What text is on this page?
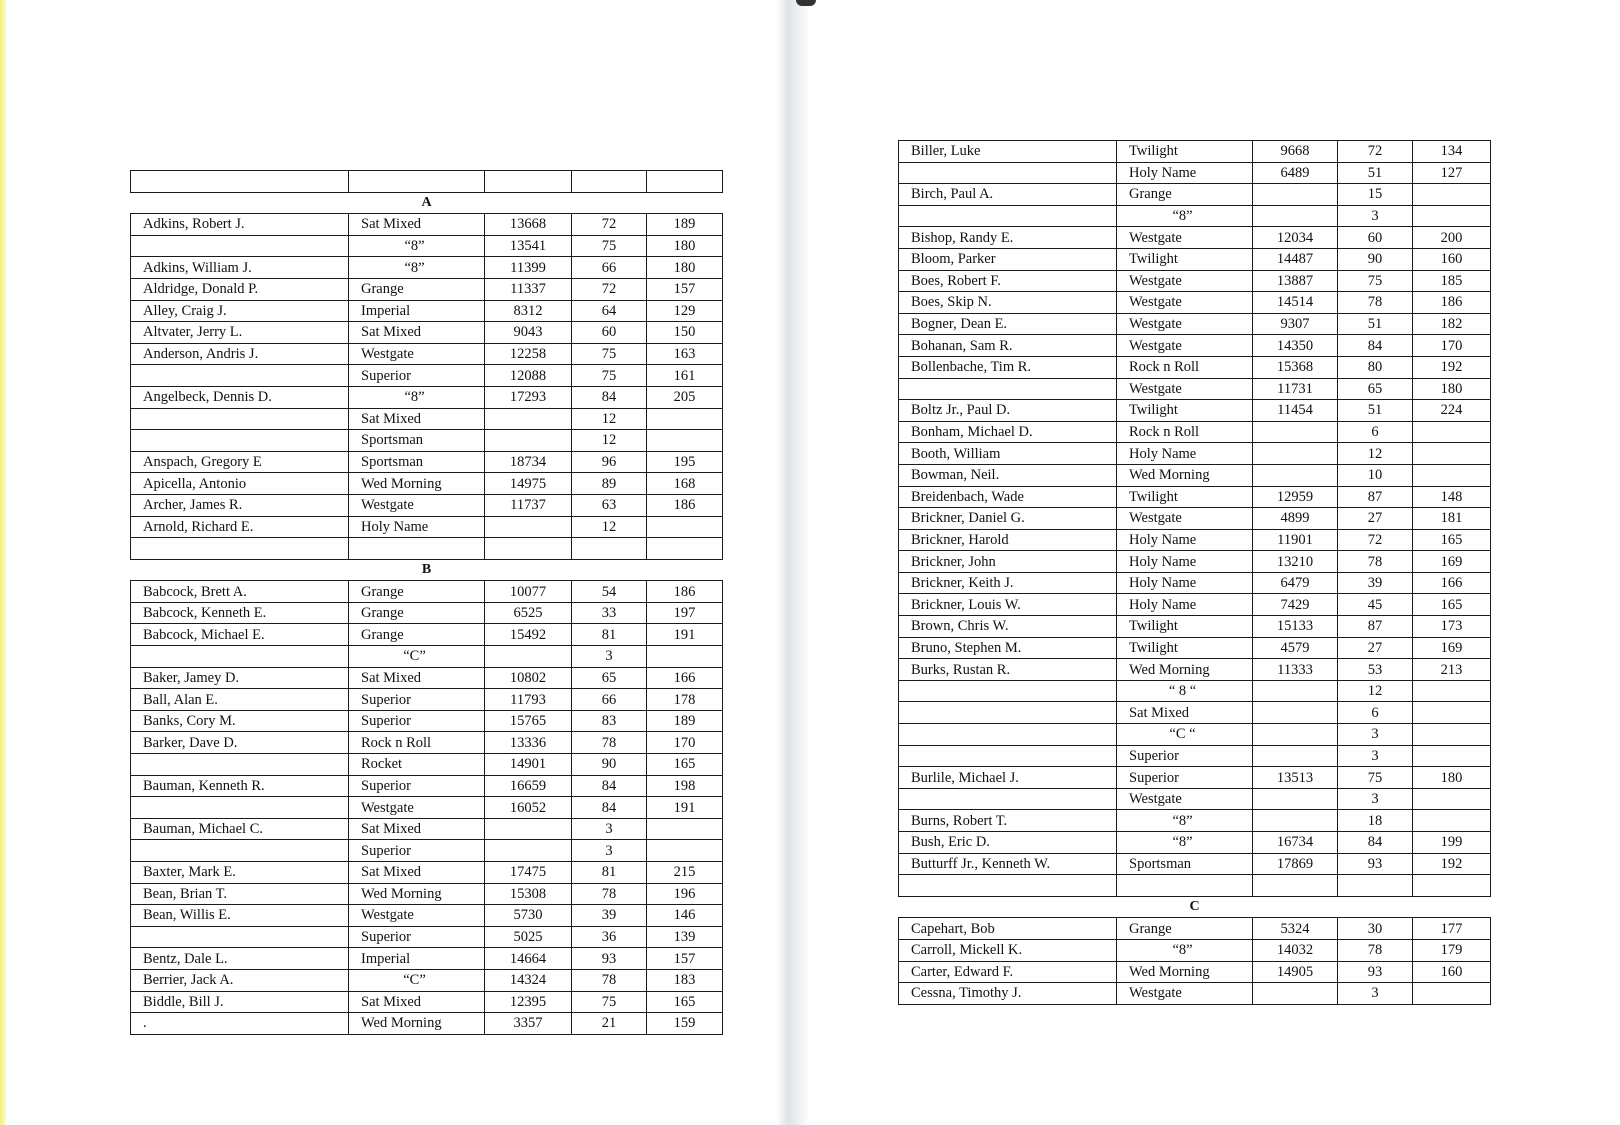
A				
Adkins, Robert J.	Sat Mixed	13668	72	189
	“8”	13541	75	180
Adkins, William J.	“8”	11399	66	180
Aldridge, Donald P.	Grange	11337	72	157
Alley, Craig J.	Imperial	8312	64	129
Altvater, Jerry L.	Sat Mixed	9043	60	150
Anderson, Andris J.	Westgate	12258	75	163
	Superior	12088	75	161
Angelbeck, Dennis D.	“8”	17293	84	205
	Sat Mixed		12	
	Sportsman		12	
Anspach, Gregory E	Sportsman	18734	96	195
Apicella, Antonio	Wed Morning	14975	89	168
Archer, James R.	Westgate	11737	63	186
Arnold, Richard E.	Holy Name		12	

B				
Babcock, Brett A.	Grange	10077	54	186
Babcock, Kenneth E.	Grange	6525	33	197
Babcock, Michael E.	Grange	15492	81	191
	“C”		3	
Baker, Jamey D.	Sat Mixed	10802	65	166
Ball, Alan E.	Superior	11793	66	178
Banks, Cory M.	Superior	15765	83	189
Barker, Dave D.	Rock n Roll	13336	78	170
	Rocket	14901	90	165
Bauman, Kenneth R.	Superior	16659	84	198
	Westgate	16052	84	191
Bauman, Michael C.	Sat Mixed		3	
	Superior		3	
Baxter, Mark E.	Sat Mixed	17475	81	215
Bean, Brian T.	Wed Morning	15308	78	196
Bean, Willis E.	Westgate	5730	39	146
	Superior	5025	36	139
Bentz, Dale L.	Imperial	14664	93	157
Berrier, Jack A.	“C”	14324	78	183
Biddle, Bill J.	Sat Mixed	12395	75	165
.	Wed Morning	3357	21	159
Biller, Luke	Twilight	9668	72	134
	Holy Name	6489	51	127
Birch, Paul A.	Grange		15	
	“8”		3	
Bishop, Randy E.	Westgate	12034	60	200
Bloom, Parker	Twilight	14487	90	160
Boes, Robert F.	Westgate	13887	75	185
Boes, Skip N.	Westgate	14514	78	186
Bogner, Dean E.	Westgate	9307	51	182
Bohanan, Sam R.	Westgate	14350	84	170
Bollenbache, Tim R.	Rock n Roll	15368	80	192
	Westgate	11731	65	180
Boltz Jr., Paul D.	Twilight	11454	51	224
Bonham, Michael D.	Rock n Roll		6	
Booth, William	Holy Name		12	
Bowman, Neil.	Wed Morning		10	
Breidenbach, Wade	Twilight	12959	87	148
Brickner, Daniel G.	Westgate	4899	27	181
Brickner, Harold	Holy Name	11901	72	165
Brickner, John	Holy Name	13210	78	169
Brickner, Keith J.	Holy Name	6479	39	166
Brickner, Louis W.	Holy Name	7429	45	165
Brown, Chris W.	Twilight	15133	87	173
Bruno, Stephen M.	Twilight	4579	27	169
Burks, Rustan R.	Wed Morning	11333	53	213
	“ 8 “		12	
	Sat Mixed		6	
	“C “		3	
	Superior		3	
Burlile, Michael J.	Superior	13513	75	180
	Westgate		3	
Burns, Robert T.	“8”		18	
Bush, Eric D.	“8”	16734	84	199
Butturff Jr., Kenneth W.	Sportsman	17869	93	192

C				
Capehart, Bob	Grange	5324	30	177
Carroll, Mickell K.	“8”	14032	78	179
Carter, Edward F.	Wed Morning	14905	93	160
Cessna, Timothy J.	Westgate		3	
